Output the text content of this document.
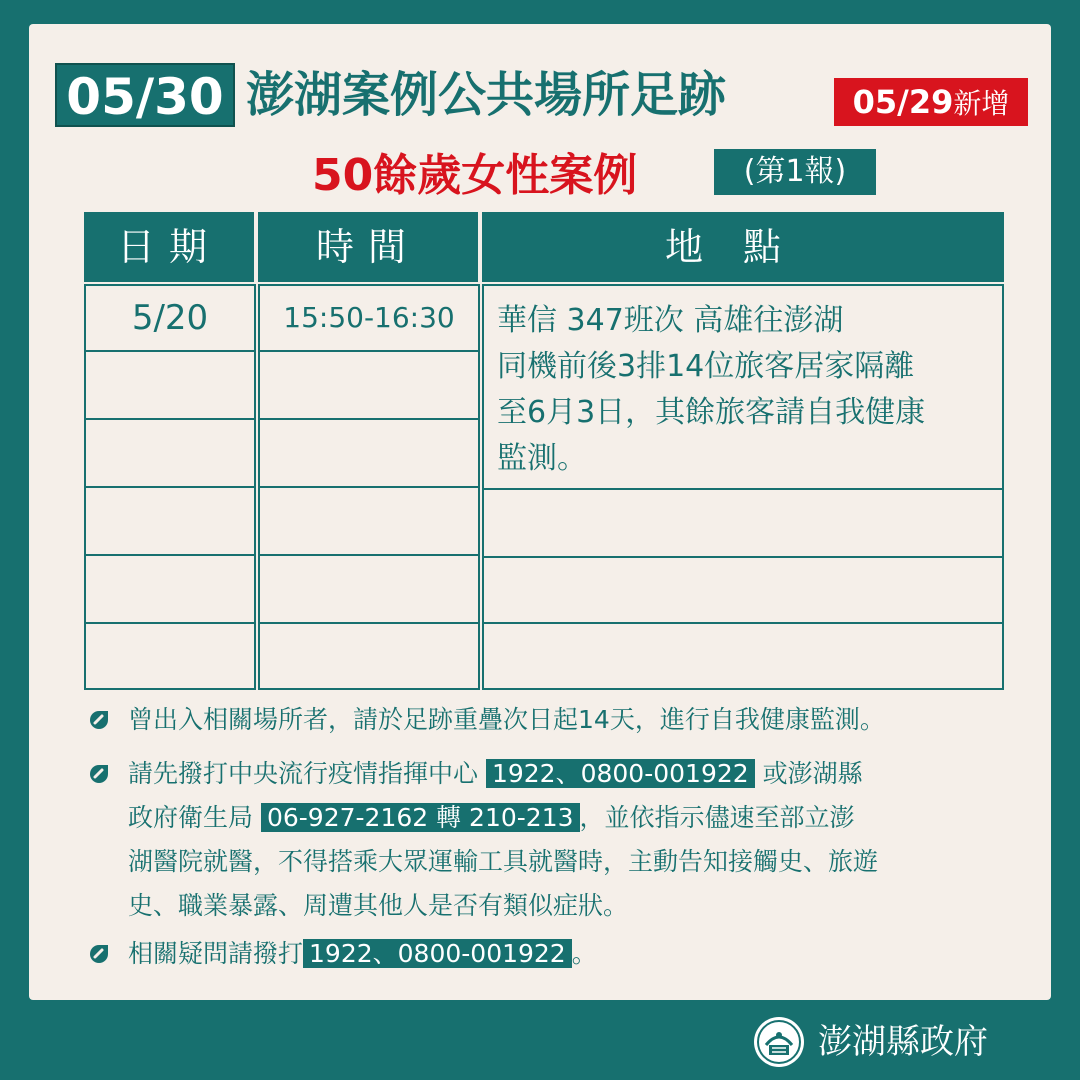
05/30 澎湖案例公共場所足跡	05/29新增
50餘歲女性案例	(第1報)
日期	時間	地點
5/20	15:50-16:30	華信 347班次 高雄往澎湖
同機前後3排14位旅客居家隔離
至6月3日，其餘旅客請自我健康
監測。
曾出入相關場所者，請於足跡重疊次日起14天，進行自我健康監測。
請先撥打中央流行疫情指揮中心 1922、0800-001922 或澎湖縣
政府衛生局 06-927-2162 轉 210-213 ，並依指示儘速至部立澎
湖醫院就醫，不得搭乘大眾運輸工具就醫時，主動告知接觸史、旅遊
史、職業暴露、周遭其他人是否有類似症狀。
相關疑問請撥打 1922、0800-001922 。
澎湖縣政府
